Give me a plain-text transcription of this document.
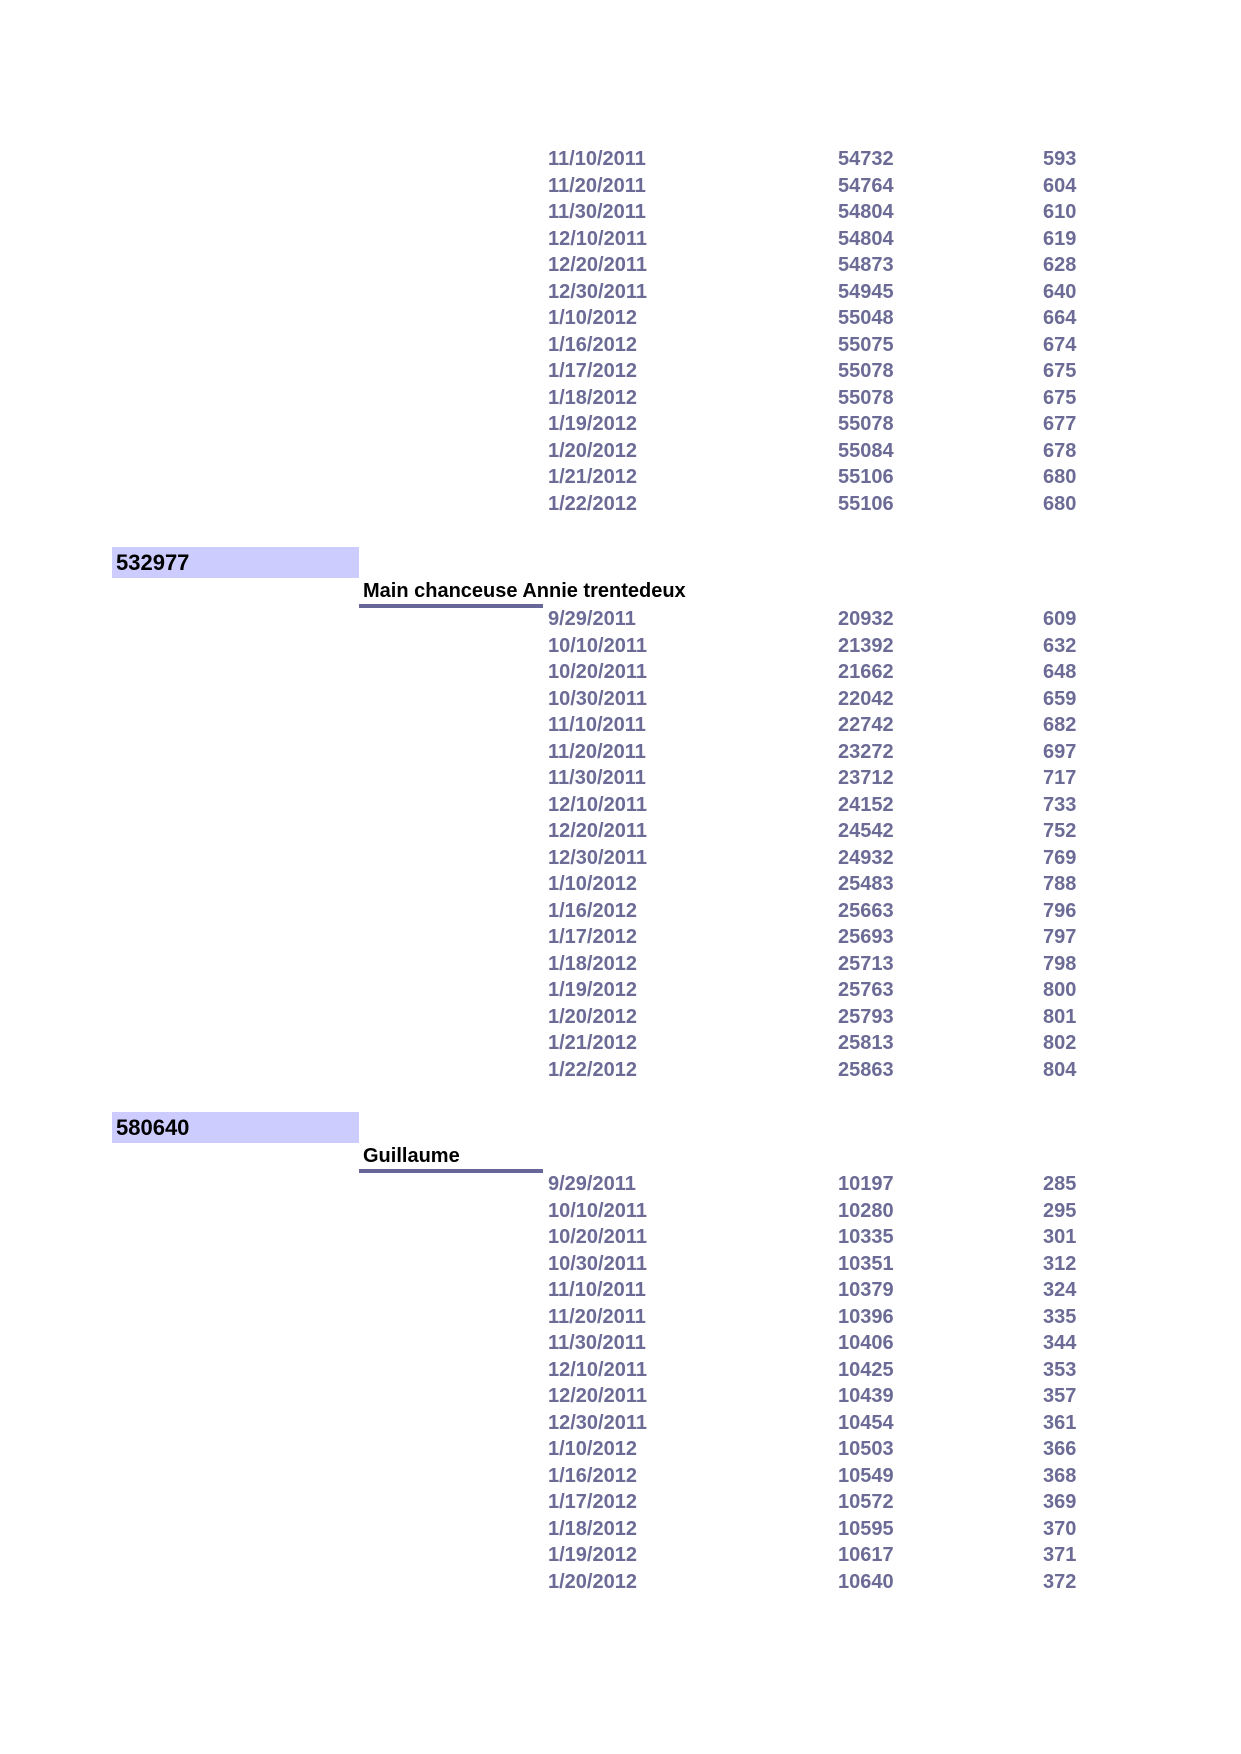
11/10/2011	54732	593
11/20/2011	54764	604
11/30/2011	54804	610
12/10/2011	54804	619
12/20/2011	54873	628
12/30/2011	54945	640
1/10/2012	55048	664
1/16/2012	55075	674
1/17/2012	55078	675
1/18/2012	55078	675
1/19/2012	55078	677
1/20/2012	55084	678
1/21/2012	55106	680
1/22/2012	55106	680
532977
Main chanceuse Annie trentedeux
9/29/2011	20932	609
10/10/2011	21392	632
10/20/2011	21662	648
10/30/2011	22042	659
11/10/2011	22742	682
11/20/2011	23272	697
11/30/2011	23712	717
12/10/2011	24152	733
12/20/2011	24542	752
12/30/2011	24932	769
1/10/2012	25483	788
1/16/2012	25663	796
1/17/2012	25693	797
1/18/2012	25713	798
1/19/2012	25763	800
1/20/2012	25793	801
1/21/2012	25813	802
1/22/2012	25863	804
580640
Guillaume
9/29/2011	10197	285
10/10/2011	10280	295
10/20/2011	10335	301
10/30/2011	10351	312
11/10/2011	10379	324
11/20/2011	10396	335
11/30/2011	10406	344
12/10/2011	10425	353
12/20/2011	10439	357
12/30/2011	10454	361
1/10/2012	10503	366
1/16/2012	10549	368
1/17/2012	10572	369
1/18/2012	10595	370
1/19/2012	10617	371
1/20/2012	10640	372
